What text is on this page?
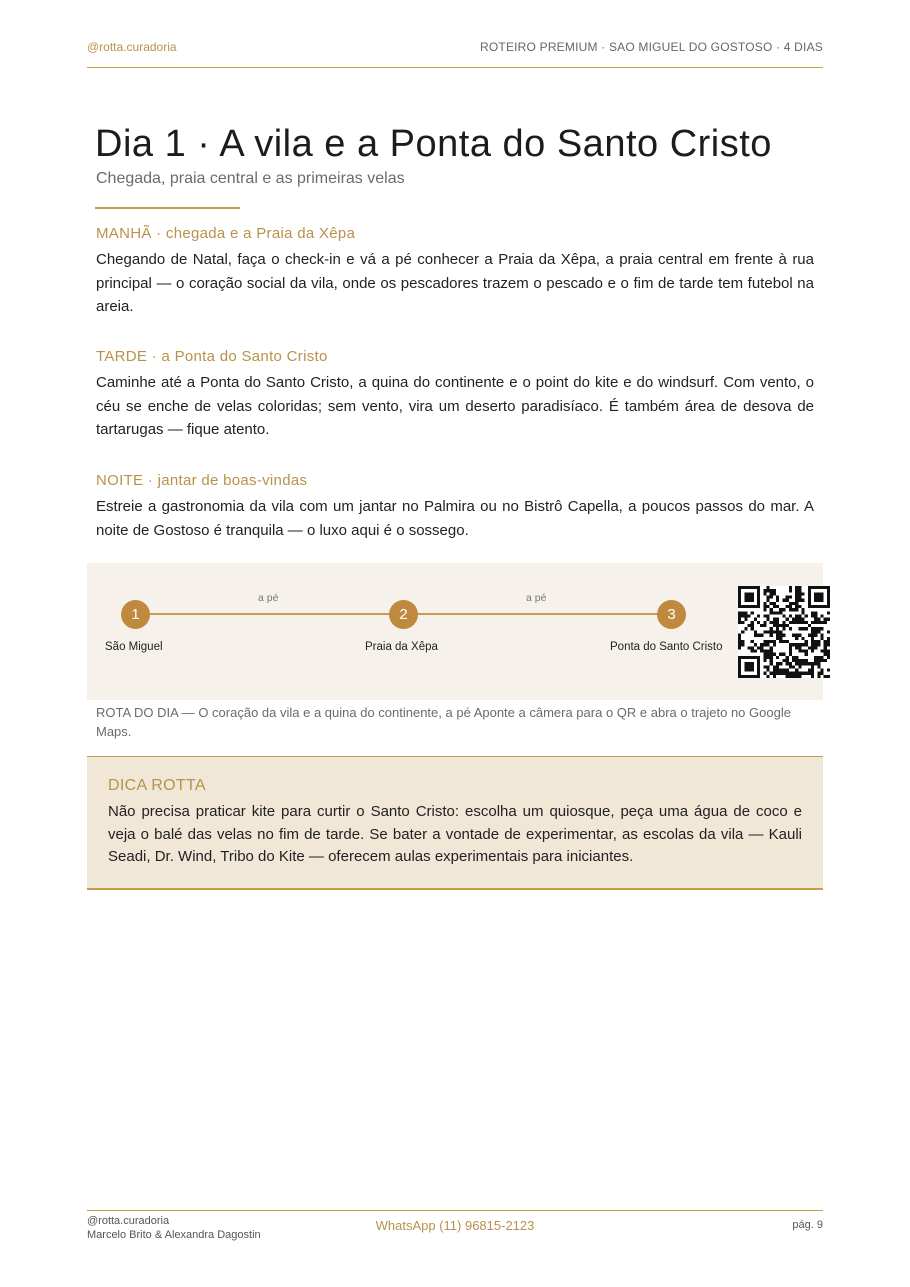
@rotta.curadoria	ROTEIRO PREMIUM · SAO MIGUEL DO GOSTOSO · 4 DIAS
Dia 1 · A vila e a Ponta do Santo Cristo
Chegada, praia central e as primeiras velas
MANHÃ · chegada e a Praia da Xêpa

Chegando de Natal, faça o check-in e vá a pé conhecer a Praia da Xêpa, a praia central em frente à rua principal — o coração social da vila, onde os pescadores trazem o pescado e o fim de tarde tem futebol na areia.

TARDE · a Ponta do Santo Cristo

Caminhe até a Ponta do Santo Cristo, a quina do continente e o point do kite e do windsurf. Com vento, o céu se enche de velas coloridas; sem vento, vira um deserto paradisíaco. É também área de desova de tartarugas — fique atento.

NOITE · jantar de boas-vindas

Estreie a gastronomia da vila com um jantar no Palmira ou no Bistrô Capella, a poucos passos do mar. A noite de Gostoso é tranquila — o luxo aqui é o sossego.

a pé	a pé
1	2	3
São Miguel	Praia da Xêpa	Ponta do Santo Cristo
ROTA DO DIA — O coração da vila e a quina do continente, a pé Aponte a câmera para o QR e abra o trajeto no Google Maps.
DICA ROTTA

Não precisa praticar kite para curtir o Santo Cristo: escolha um quiosque, peça uma água de coco e veja o balé das velas no fim de tarde. Se bater a vontade de experimentar, as escolas da vila — Kauli Seadi, Dr. Wind, Tribo do Kite — oferecem aulas experimentais para iniciantes.

@rotta.curadoria
Marcelo Brito & Alexandra Dagostin
WhatsApp (11) 96815-2123	pág. 9
